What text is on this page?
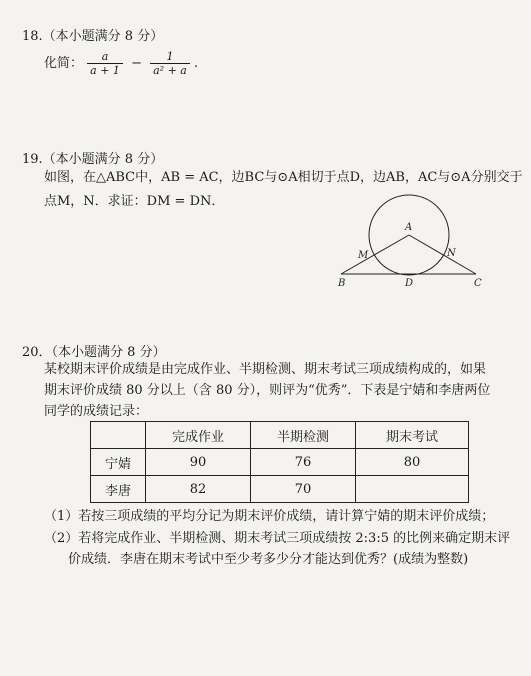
18.（本小题满分 8 分）
化简： $\frac{a}{a + 1} - \frac{1}{\text{a² + a}}$ .
19.（本小题满分 8 分）
如图，在△ABC中，AB = AC，边BC与⊙A相切于点D，边AB，AC与⊙A分别交于
点M，N．求证：DM = DN．
A
M	N
B	D	C
20．（本小题满分 8 分）
某校期末评价成绩是由完成作业、半期检测、期末考试三项成绩构成的，如果
期末评价成绩 80 分以上（含 80 分），则评为“优秀”．下表是宁婧和李唐两位
同学的成绩记录：
	完成作业	半期检测	期末考试
宁婧	90	76	80
李唐	82	70	
（1）若按三项成绩的平均分记为期末评价成绩，请计算宁婧的期末评价成绩；
（2）若将完成作业、半期检测、期末考试三项成绩按 2:3:5 的比例来确定期末评
价成绩．李唐在期末考试中至少考多少分才能达到优秀？(成绩为整数)
